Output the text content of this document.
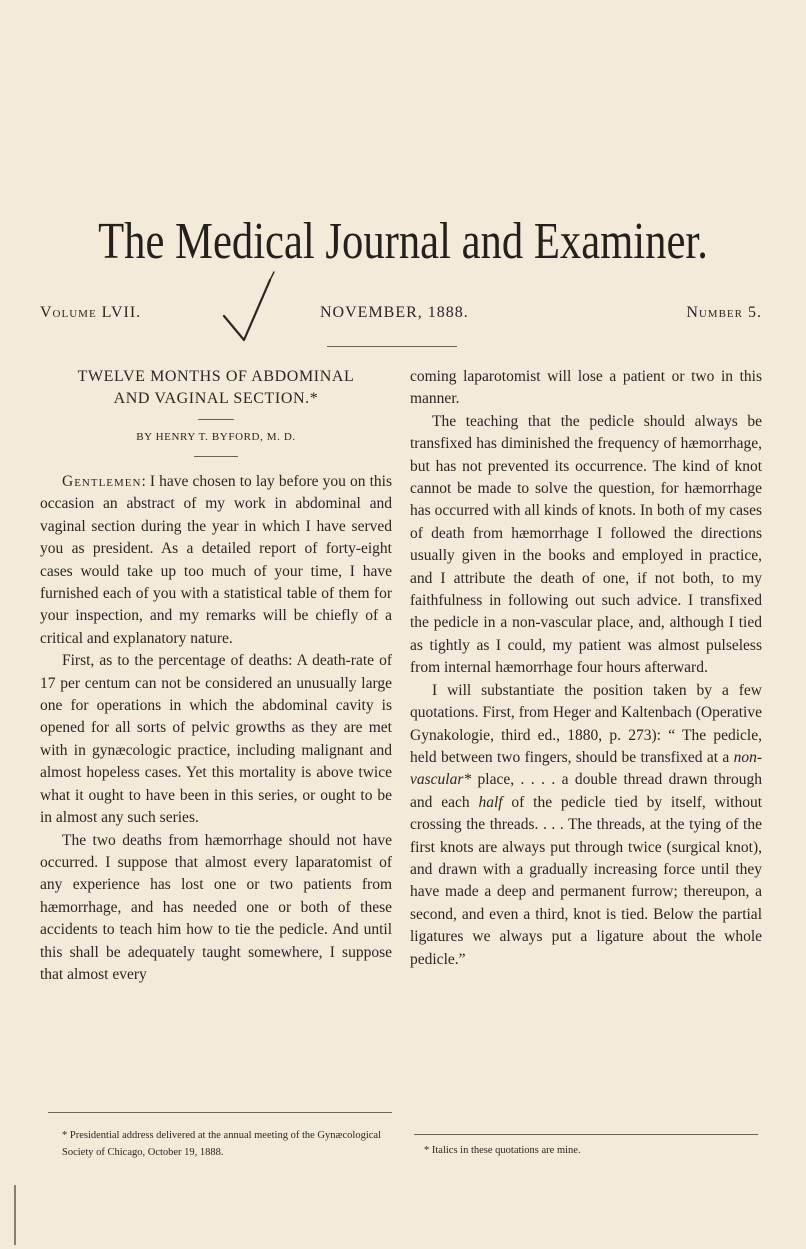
The Medical Journal and Examiner.
Volume LVII.	NOVEMBER, 1888.	Number 5.

TWELVE MONTHS OF ABDOMINAL

AND VAGINAL SECTION.*

BY HENRY T. BYFORD, M. D.

Gentlemen: I have chosen to lay before you on this occasion an abstract of my work in abdominal and vaginal section during the year in which I have served you as president. As a detailed report of forty-eight cases would take up too much of your time, I have furnished each of you with a statistical table of them for your inspection, and my remarks will be chiefly of a critical and explanatory nature.

First, as to the percentage of deaths: A death-rate of 17 per centum can not be considered an unusually large one for operations in which the abdominal cavity is opened for all sorts of pelvic growths as they are met with in gynæcologic practice, including malignant and almost hopeless cases. Yet this mortality is above twice what it ought to have been in this series, or ought to be in almost any such series.

The two deaths from hæmorrhage should not have occurred. I suppose that almost every laparatomist of any experience has lost one or two patients from hæmorrhage, and has needed one or both of these accidents to teach him how to tie the pedicle. And until this shall be adequately taught somewhere, I suppose that almost every

* Presidential address delivered at the annual meeting of the Gynæcological Society of Chicago, October 19, 1888.

coming laparotomist will lose a patient or two in this manner.

The teaching that the pedicle should always be transfixed has diminished the frequency of hæmorrhage, but has not prevented its occurrence. The kind of knot cannot be made to solve the question, for hæmorrhage has occurred with all kinds of knots. In both of my cases of death from hæmorrhage I followed the directions usually given in the books and employed in practice, and I attribute the death of one, if not both, to my faithfulness in following out such advice. I transfixed the pedicle in a non-vascular place, and, although I tied as tightly as I could, my patient was almost pulseless from internal hæmorrhage four hours afterward.

I will substantiate the position taken by a few quotations. First, from Heger and Kaltenbach (Operative Gynakologie, third ed., 1880, p. 273): “ The pedicle, held between two fingers, should be transfixed at a non-vascular* place, . . . . a double thread drawn through and each half of the pedicle tied by itself, without crossing the threads. . . . The threads, at the tying of the first knots are always put through twice (surgical knot), and drawn with a gradually increasing force until they have made a deep and permanent furrow; thereupon, a second, and even a third, knot is tied. Below the partial ligatures we always put a ligature about the whole pedicle.”

* Italics in these quotations are mine.
